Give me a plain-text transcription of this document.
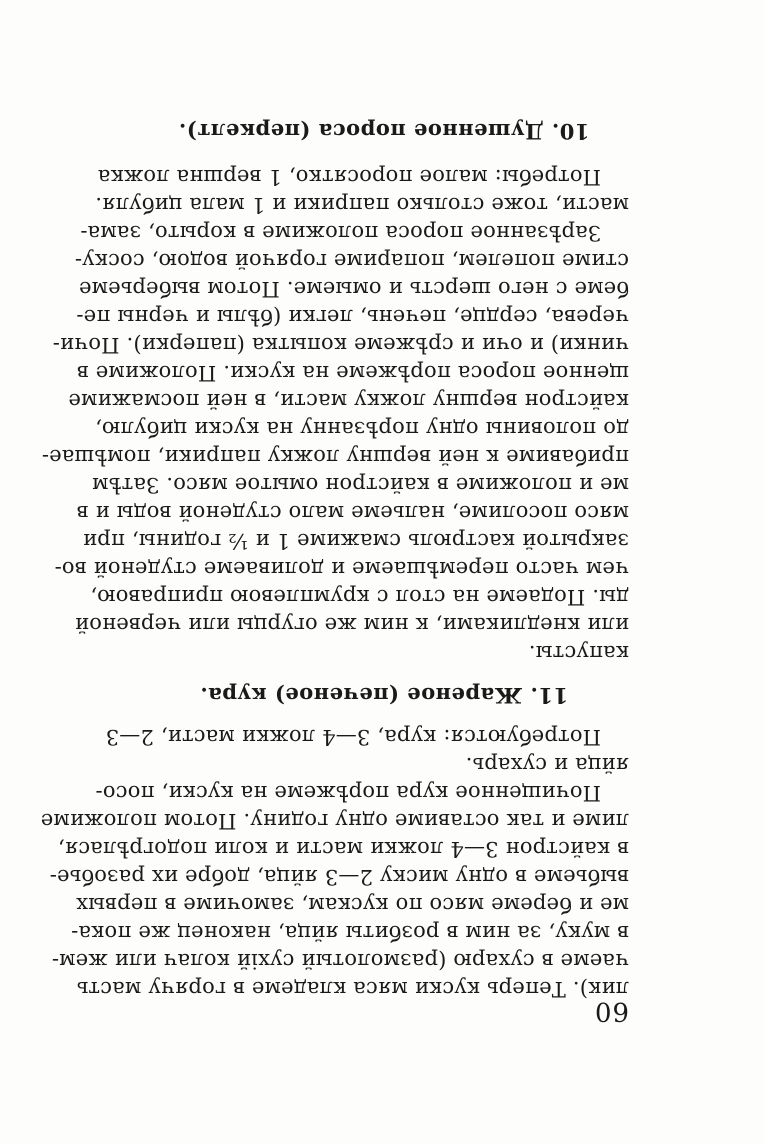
10. Душенное пороса (перкелт).
Потребы: малое поросятко, 1 вершна ложка
масти, тоже столько паприки и 1 мала цибуля.
Зарѣзанное пороса положиме в корыто, зама-
стиме попелем, попариме горячой водою, соску-
беме с него шерсть и омыеме. Потом выберьеме
черева, сердце, печень, легки (бѣлы и черны пе-
чинки) и очи и срѣжеме копытка (паперки). Почи-
щенное пороса порѣжеме на куски. Положиме в
кайстрон вершну ложку масти, в ней посмажиме
до половины одну порѣзанну на куски цибулю,
прибавиме к ней вершну ложку паприки, помѣшае-
ме и положиме в кайстрон омытое мясо. Затѣм
мясо посолиме, нальеме мало студеной воды и в
закрытой кастрюль смажиме 1 и ½ годины, при
чем часто перемѣшаеме и доливаеме студеной во-
ды. Подаеме на стол с крумплевою приправою,
или кнедликами, к ним же огурцы или червеной
капусты.
11. Жареное (печеное) кура.
Потребуются: кура, 3—4 ложки масти, 2—3
яйца и сухарь.
Почищенное кура порѣжеме на куски, посо-
лиме и так оставиме одну годину. Потом положиме
в кайстрон 3—4 ложки масти и коли подогрѣлася,
выбьеме в одну миску 2—3 яйца, добре их разобье-
ме и береме мясо по кускам, замочиме в первых
в муку, за ним в розбиты яйца, наконец же пока-
чаеме в сухарю (размолотый сухій колач или жем-
лик). Теперь куски мяса кладеме в горячу масть
60
